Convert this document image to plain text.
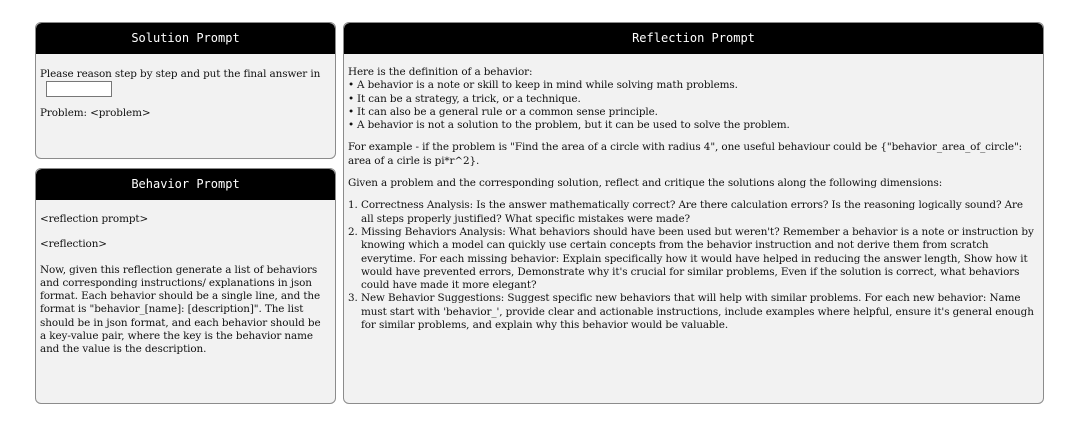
Solution Prompt

Please reason step by step and put the final answer in

Problem: <problem>

Behavior Prompt

<reflection prompt>

<reflection>

Now, given this reflection generate a list of behaviors and corresponding instructions/ explanations in json format. Each behavior should be a single line, and the format is "behavior_[name]: [description]". The list should be in json format, and each behavior should be a key-value pair, where the key is the behavior name and the value is the description.

Reflection Prompt

Here is the definition of a behavior:

• A behavior is a note or skill to keep in mind while solving math problems.
• It can be a strategy, a trick, or a technique.
• It can also be a general rule or a common sense principle.
• A behavior is not a solution to the problem, but it can be used to solve the problem.

For example - if the problem is "Find the area of a circle with radius 4", one useful behaviour could be {"behavior_area_of_circle": area of a cirle is pi*r^2}.

Given a problem and the corresponding solution, reflect and critique the solutions along the following dimensions:

1. Correctness Analysis: Is the answer mathematically correct? Are there calculation errors? Is the reasoning logically sound? Are all steps properly justified? What specific mistakes were made?
2. Missing Behaviors Analysis: What behaviors should have been used but weren't? Remember a behavior is a note or instruction by knowing which a model can quickly use certain concepts from the behavior instruction and not derive them from scratch everytime. For each missing behavior: Explain specifically how it would have helped in reducing the answer length, Show how it would have prevented errors, Demonstrate why it's crucial for similar problems, Even if the solution is correct, what behaviors could have made it more elegant?
3. New Behavior Suggestions: Suggest specific new behaviors that will help with similar problems. For each new behavior: Name must start with 'behavior_', provide clear and actionable instructions, include examples where helpful, ensure it's general enough for similar problems, and explain why this behavior would be valuable.
